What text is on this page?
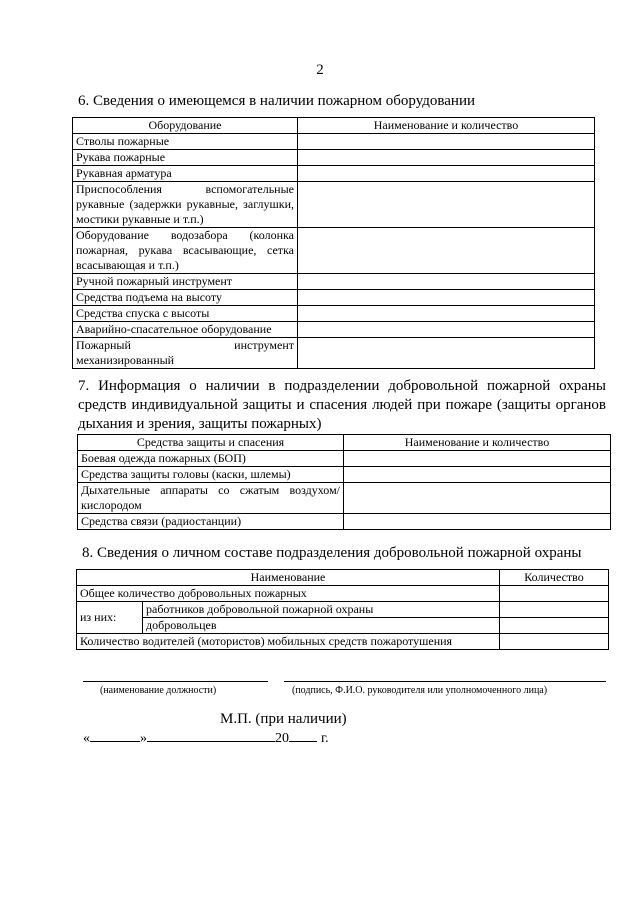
2
6. Сведения о имеющемся в наличии пожарном оборудовании
Оборудование	Наименование и количество
Стволы пожарные	
Рукава пожарные	
Рукавная арматура	
Приспособления вспомогательные рукавные (задержки рукавные, заглушки, мостики рукавные и т.п.)	
Оборудование водозабора (колонка пожарная, рукава всасывающие, сетка всасывающая и т.п.)	
Ручной пожарный инструмент	
Средства подъема на высоту	
Средства спуска с высоты	
Аварийно-спасательное оборудование	
Пожарный инструмент механизированный	
7. Информация о наличии в подразделении добровольной пожарной охраны средств индивидуальной защиты и спасения людей при пожаре (защиты органов дыхания и зрения, защиты пожарных)
Средства защиты и спасения	Наименование и количество
Боевая одежда пожарных (БОП)	
Средства защиты головы (каски, шлемы)	
Дыхательные аппараты со сжатым воздухом/кислородом	
Средства связи (радиостанции)	
8. Сведения о личном составе подразделения добровольной пожарной охраны
Наименование		Количество
Общее количество добровольных пожарных		
из них:	работников добровольной пожарной охраны	
	добровольцев	
Количество водителей (мотористов) мобильных средств пожаротушения		
(наименование должности)	(подпись, Ф.И.О. руководителя или уполномоченного лица)
М.П. (при наличии)
«	»	20 г.
